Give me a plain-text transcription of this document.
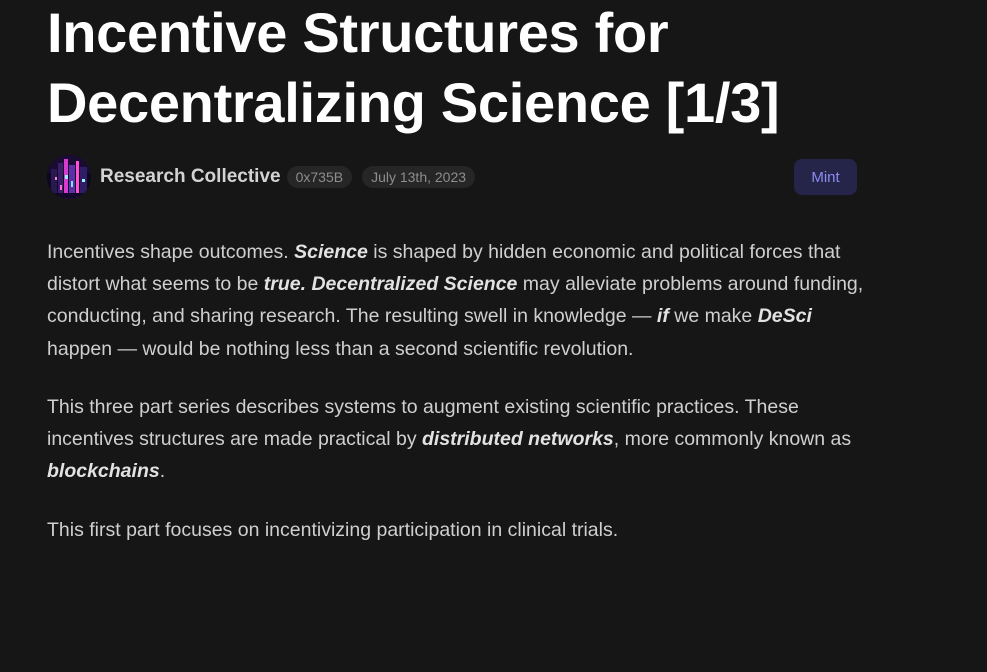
Incentive Structures for
Decentralizing Science [1/3]
Research Collective	0x735B	July 13th, 2023	Mint

Incentives shape outcomes. Science is shaped by hidden economic and political forces that distort what seems to be true. Decentralized Science may alleviate problems around funding, conducting, and sharing research. The resulting swell in knowledge — if we make DeSci happen — would be nothing less than a second scientific revolution.

This three part series describes systems to augment existing scientific practices. These incentives structures are made practical by distributed networks, more commonly known as blockchains.

This first part focuses on incentivizing participation in clinical trials.
